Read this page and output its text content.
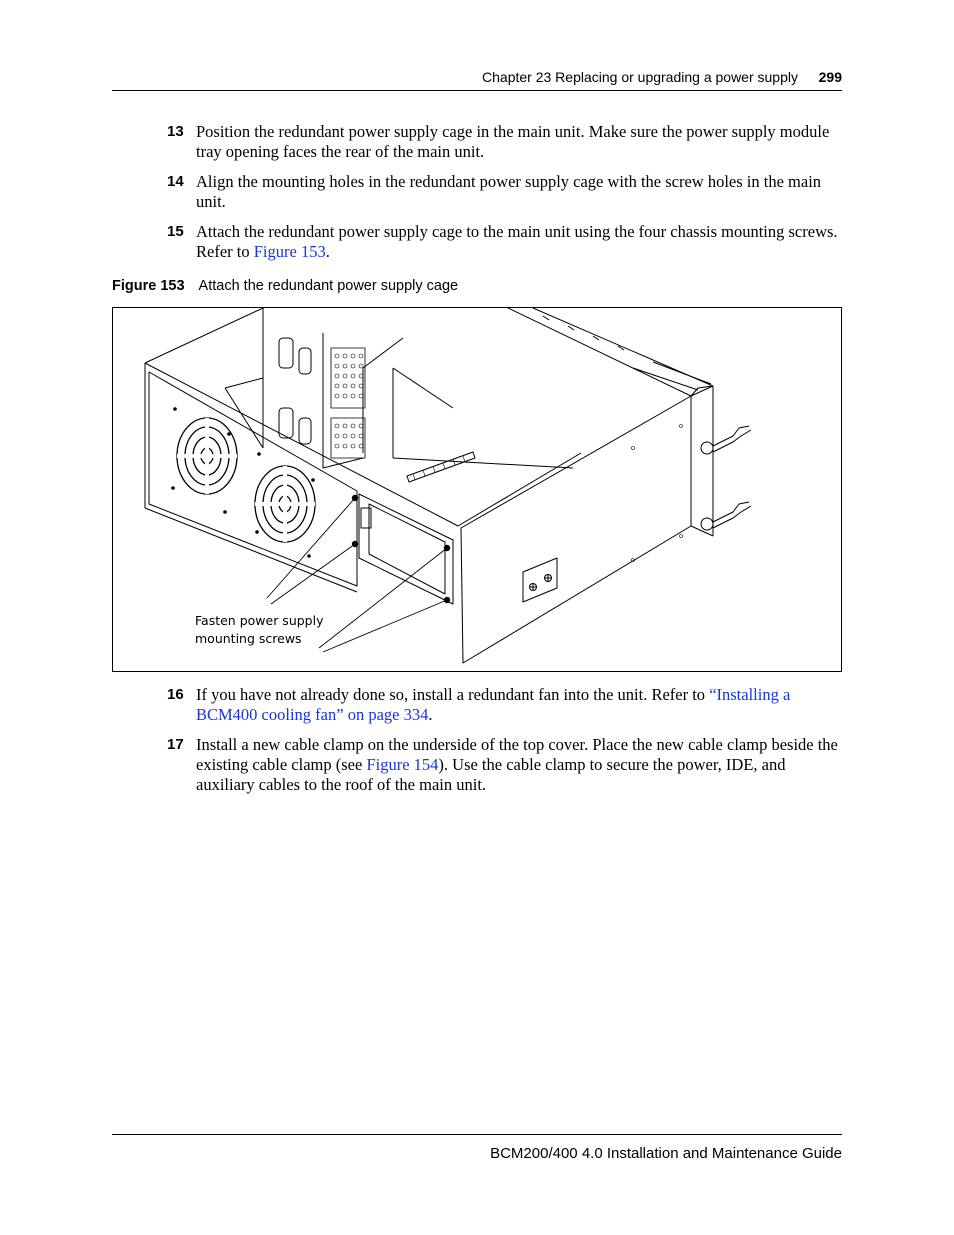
Chapter 23 Replacing or upgrading a power supply 299
13 Position the redundant power supply cage in the main unit. Make sure the power supply module tray opening faces the rear of the main unit.
14 Align the mounting holes in the redundant power supply cage with the screw holes in the main unit.
15 Attach the redundant power supply cage to the main unit using the four chassis mounting screws. Refer to Figure 153.
Figure 153 Attach the redundant power supply cage
Fasten power supply
mounting screws
16 If you have not already done so, install a redundant fan into the unit. Refer to “Installing a BCM400 cooling fan” on page 334.
17 Install a new cable clamp on the underside of the top cover. Place the new cable clamp beside the existing cable clamp (see Figure 154). Use the cable clamp to secure the power, IDE, and auxiliary cables to the roof of the main unit.
BCM200/400 4.0 Installation and Maintenance Guide
